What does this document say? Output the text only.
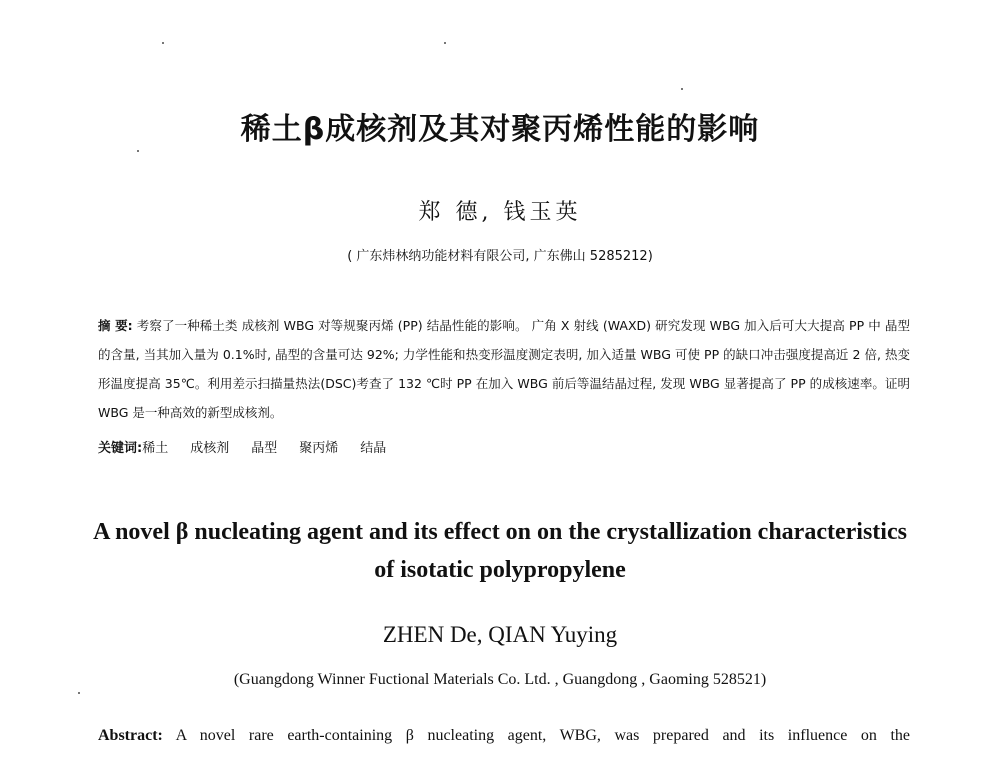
稀土β成核剂及其对聚丙烯性能的影响
郑 德, 钱玉英
( 广东炜林纳功能材料有限公司, 广东佛山 5285212)
摘 要: 考察了一种稀土类 成核剂 WBG 对等规聚丙烯 (PP) 结晶性能的影响。 广角 X 射线 (WAXD) 研究发现 WBG 加入后可大大提高 PP 中 晶型的含量, 当其加入量为 0.1%时, 晶型的含量可达 92%; 力学性能和热变形温度测定表明, 加入适量 WBG 可使 PP 的缺口冲击强度提高近 2 倍, 热变形温度提高 35℃。利用差示扫描量热法(DSC)考查了 132 ℃时 PP 在加入 WBG 前后等温结晶过程, 发现 WBG 显著提高了 PP 的成核速率。证明 WBG 是一种高效的新型成核剂。
关键词: 稀土 成核剂 晶型 聚丙烯 结晶
A novel β nucleating agent and its effect on on the crystallization characteristics
of isotatic polypropylene
ZHEN De, QIAN Yuying
(Guangdong Winner Fuctional Materials Co. Ltd. , Guangdong , Gaoming 528521)
Abstract: A novel rare earth-containing β nucleating agent, WBG, was prepared and its influence on the
